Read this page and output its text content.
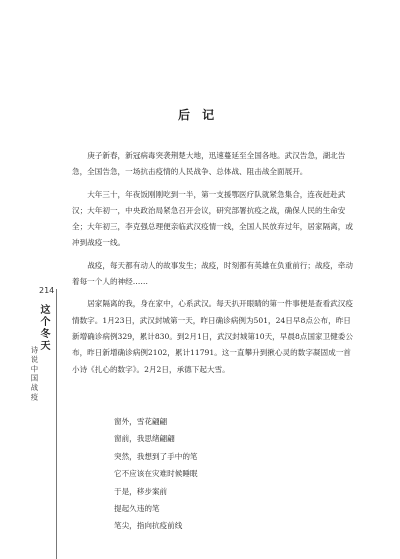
214
这个冬天
诗说中国战疫
后 记

庚子新春，新冠病毒突袭荆楚大地，迅速蔓延至全国各地。武汉告急，湖北告急，全国告急，一场抗击疫情的人民战争、总体战、阻击战全面展开。

大年三十，年夜饭刚刚吃到一半，第一支援鄂医疗队就紧急集合，连夜赶赴武汉；大年初一，中央政治局紧急召开会议，研究部署抗疫之战，确保人民的生命安全；大年初三，李克强总理便亲临武汉疫情一线，全国人民放弃过年，居家隔离，或冲到战疫一线。

战疫，每天都有动人的故事发生；战疫，时刻都有英雄在负重前行；战疫，牵动着每一个人的神经……

居家隔离的我，身在家中，心系武汉。每天扒开眼睛的第一件事便是查看武汉疫情数字。1月23日，武汉封城第一天，昨日确诊病例为501，24日早8点公布，昨日新增确诊病例329，累计830。到2月1日，武汉封城第10天，早晨8点国家卫健委公布，昨日新增确诊病例2102，累计11791。这一直攀升到揪心灵的数字凝固成一首小诗《扎心的数字》。2月2日，承德下起大雪。

窗外，雪花翩翩
窗前，我思绪翩翩
突然，我想到了手中的笔
它不应该在灾难时候睡眠
于是，移步案前
提起久违的笔
笔尖，指向抗疫前线
